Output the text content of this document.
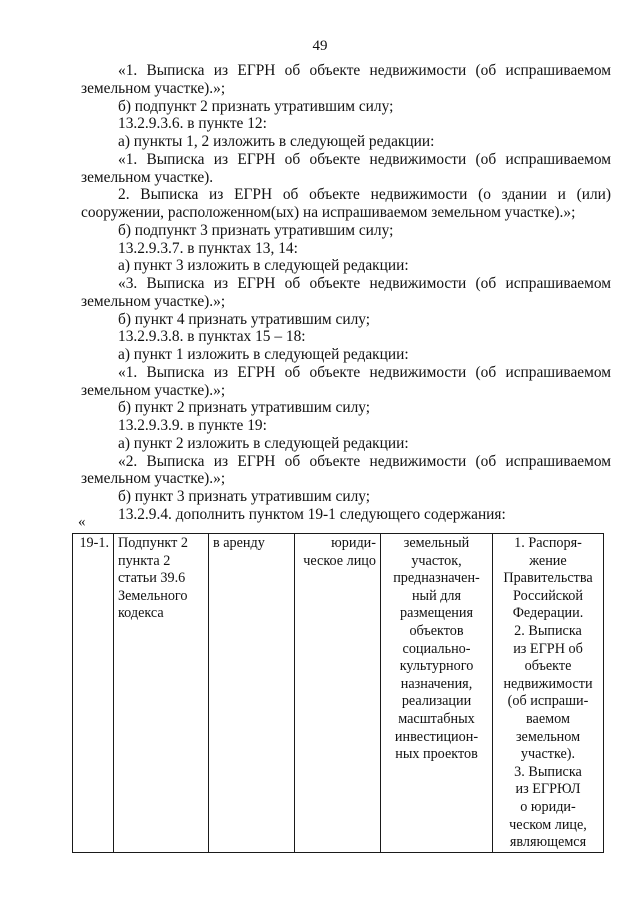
49

«1. Выписка из ЕГРН об объекте недвижимости (об испрашиваемом
земельном участке).»;

б) подпункт 2 признать утратившим силу;

13.2.9.3.6. в пункте 12:

а) пункты 1, 2 изложить в следующей редакции:

«1. Выписка из ЕГРН об объекте недвижимости (об испрашиваемом
земельном участке).

2. Выписка из ЕГРН об объекте недвижимости (о здании и (или)
сооружении, расположенном(ых) на испрашиваемом земельном участке).»;

б) подпункт 3 признать утратившим силу;

13.2.9.3.7. в пунктах 13, 14:

а) пункт 3 изложить в следующей редакции:

«3. Выписка из ЕГРН об объекте недвижимости (об испрашиваемом
земельном участке).»;

б) пункт 4 признать утратившим силу;

13.2.9.3.8. в пунктах 15 – 18:

а) пункт 1 изложить в следующей редакции:

«1. Выписка из ЕГРН об объекте недвижимости (об испрашиваемом
земельном участке).»;

б) пункт 2 признать утратившим силу;

13.2.9.3.9. в пункте 19:

а) пункт 2 изложить в следующей редакции:

«2. Выписка из ЕГРН об объекте недвижимости (об испрашиваемом
земельном участке).»;

б) пункт 3 признать утратившим силу;

13.2.9.4. дополнить пунктом 19-1 следующего содержания:

«
19-1.	Подпункт 2
пункта 2
статьи 39.6
Земельного
кодекса

в аренду	юриди-
ческое лицо

земельный
участок,
предназначен-
ный для
размещения
объектов
социально-
культурного
назначения,
реализации
масштабных
инвестицион-
ных проектов

1. Распоря-
жение
Правительства
Российской
Федерации.
2. Выписка
из ЕГРН об
объекте
недвижимости
(об испраши-
ваемом
земельном
участке).
3. Выписка
из ЕГРЮЛ
о юриди-
ческом лице,
являющемся
